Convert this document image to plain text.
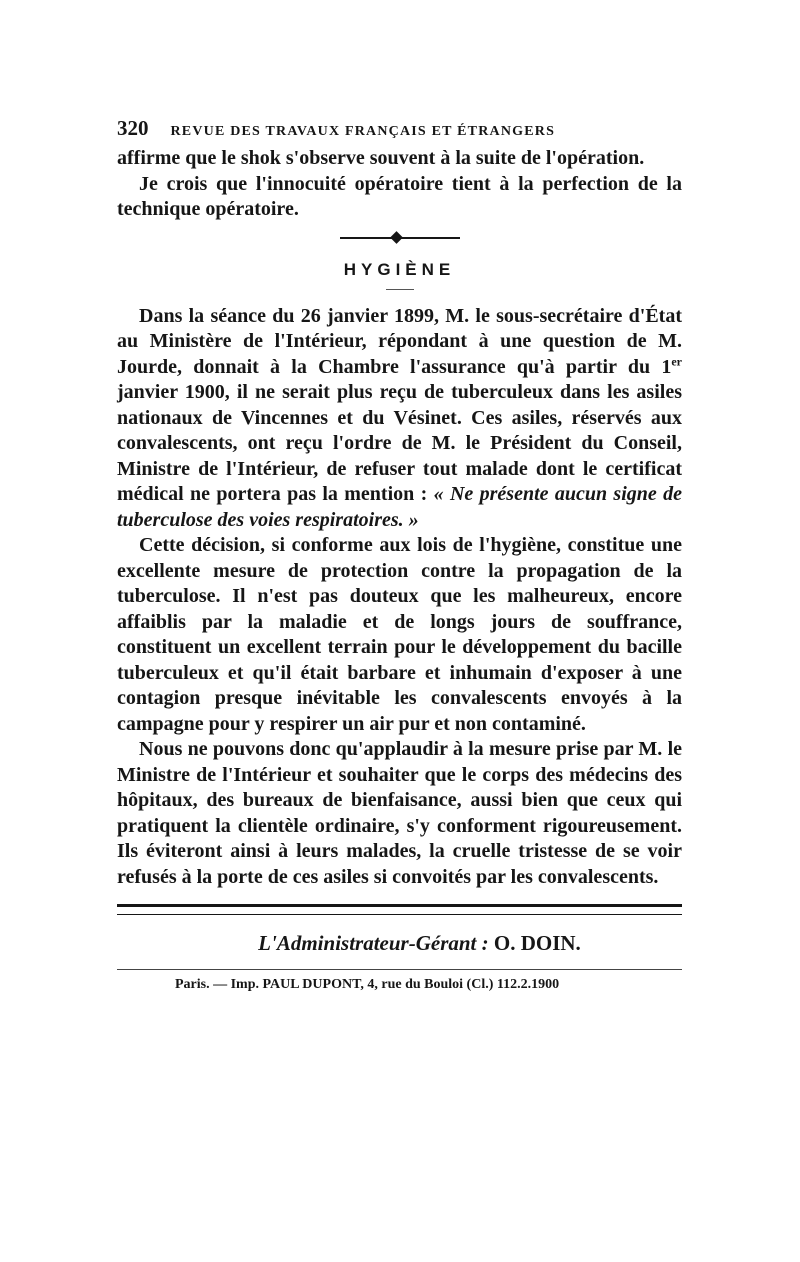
320 REVUE DES TRAVAUX FRANÇAIS ET ÉTRANGERS

affirme que le shok s'observe souvent à la suite de l'opération.

Je crois que l'innocuité opératoire tient à la perfection de la technique opératoire.

HYGIÈNE

Dans la séance du 26 janvier 1899, M. le sous-secrétaire d'État au Ministère de l'Intérieur, répondant à une question de M. Jourde, donnait à la Chambre l'assurance qu'à partir du 1er janvier 1900, il ne serait plus reçu de tuberculeux dans les asiles nationaux de Vincennes et du Vésinet. Ces asiles, réservés aux convalescents, ont reçu l'ordre de M. le Président du Conseil, Ministre de l'Intérieur, de refuser tout malade dont le certificat médical ne portera pas la mention : « Ne présente aucun signe de tuberculose des voies respiratoires. »

Cette décision, si conforme aux lois de l'hygiène, constitue une excellente mesure de protection contre la propagation de la tuberculose. Il n'est pas douteux que les malheureux, encore affaiblis par la maladie et de longs jours de souffrance, constituent un excellent terrain pour le développement du bacille tuberculeux et qu'il était barbare et inhumain d'exposer à une contagion presque inévitable les convalescents envoyés à la campagne pour y respirer un air pur et non contaminé.

Nous ne pouvons donc qu'applaudir à la mesure prise par M. le Ministre de l'Intérieur et souhaiter que le corps des médecins des hôpitaux, des bureaux de bienfaisance, aussi bien que ceux qui pratiquent la clientèle ordinaire, s'y conforment rigoureusement. Ils éviteront ainsi à leurs malades, la cruelle tristesse de se voir refusés à la porte de ces asiles si convoités par les convalescents.

L'Administrateur-Gérant : O. DOIN.
Paris. — Imp. PAUL DUPONT, 4, rue du Bouloi (Cl.) 112.2.1900
